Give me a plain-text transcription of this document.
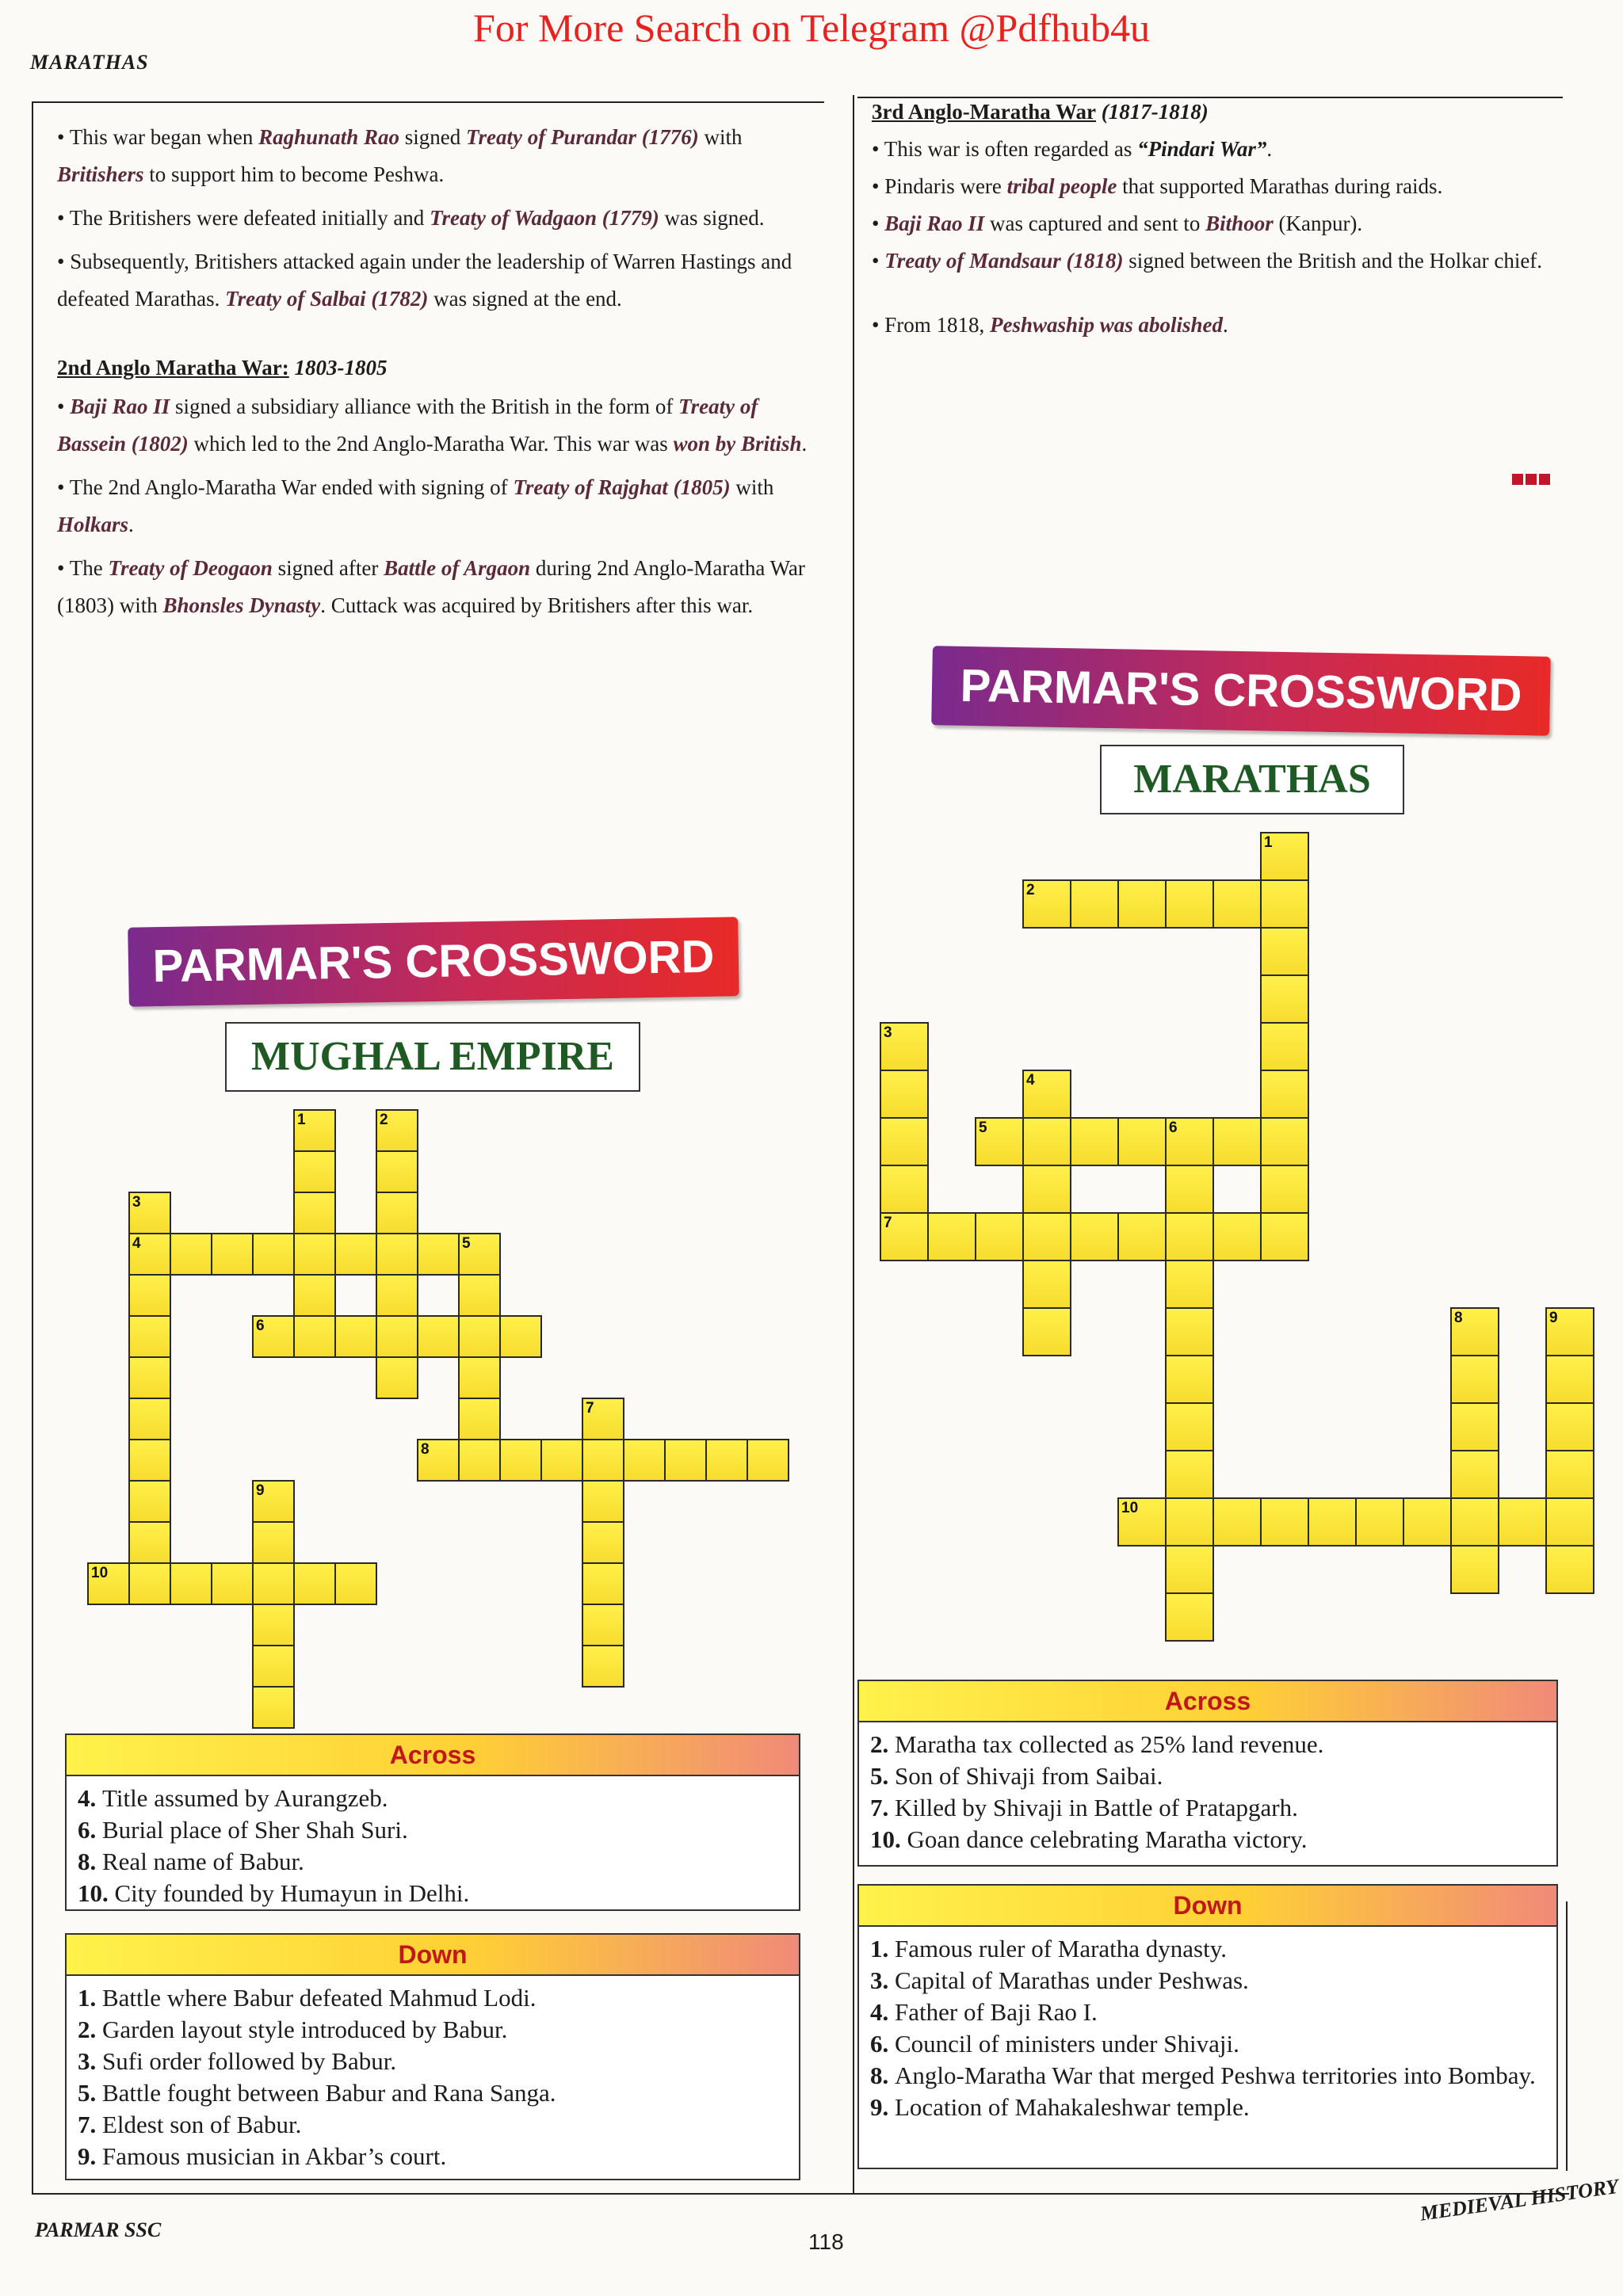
For More Search on Telegram @Pdfhub4u
MARATHAS

• This war began when Raghunath Rao signed Treaty of Purandar (1776) with Britishers to support him to become Peshwa.

• The Britishers were defeated initially and Treaty of Wadgaon (1779) was signed.

• Subsequently, Britishers attacked again under the leadership of Warren Hastings and defeated Marathas. Treaty of Salbai (1782) was signed at the end.

2nd Anglo Maratha War: 1803-1805

• Baji Rao II signed a subsidiary alliance with the British in the form of Treaty of Bassein (1802) which led to the 2nd Anglo-Maratha War. This war was won by British.

• The 2nd Anglo-Maratha War ended with signing of Treaty of Rajghat (1805) with Holkars.

• The Treaty of Deogaon signed after Battle of Argaon during 2nd Anglo-Maratha War (1803) with Bhonsles Dynasty. Cuttack was acquired by Britishers after this war.

3rd Anglo-Maratha War (1817-1818)

• This war is often regarded as “Pindari War”.

• Pindaris were tribal people that supported Marathas during raids.

• Baji Rao II was captured and sent to Bithoor (Kanpur).

• Treaty of Mandsaur (1818) signed between the British and the Holkar chief.

• From 1818, Peshwaship was abolished.

PARMAR'S CROSSWORD
MUGHAL EMPIRE
1	2
3
4	5
6
7
8
9
10
Across
4. Title assumed by Aurangzeb.
6. Burial place of Sher Shah Suri.
8. Real name of Babur.
10. City founded by Humayun in Delhi.
Down
1. Battle where Babur defeated Mahmud Lodi.
2. Garden layout style introduced by Babur.
3. Sufi order followed by Babur.
5. Battle fought between Babur and Rana Sanga.
7. Eldest son of Babur.
9. Famous musician in Akbar’s court.
PARMAR'S CROSSWORD
MARATHAS
1
2
3
7
4
5	6
8	9
10
Across
2. Maratha tax collected as 25% land revenue.
5. Son of Shivaji from Saibai.
7. Killed by Shivaji in Battle of Pratapgarh.
10. Goan dance celebrating Maratha victory.
Down
1. Famous ruler of Maratha dynasty.
3. Capital of Marathas under Peshwas.
4. Father of Baji Rao I.
6. Council of ministers under Shivaji.
8. Anglo-Maratha War that merged Peshwa territories into Bombay.
9. Location of Mahakaleshwar temple.
PARMAR SSC	118
MEDIEVAL HISTORY
